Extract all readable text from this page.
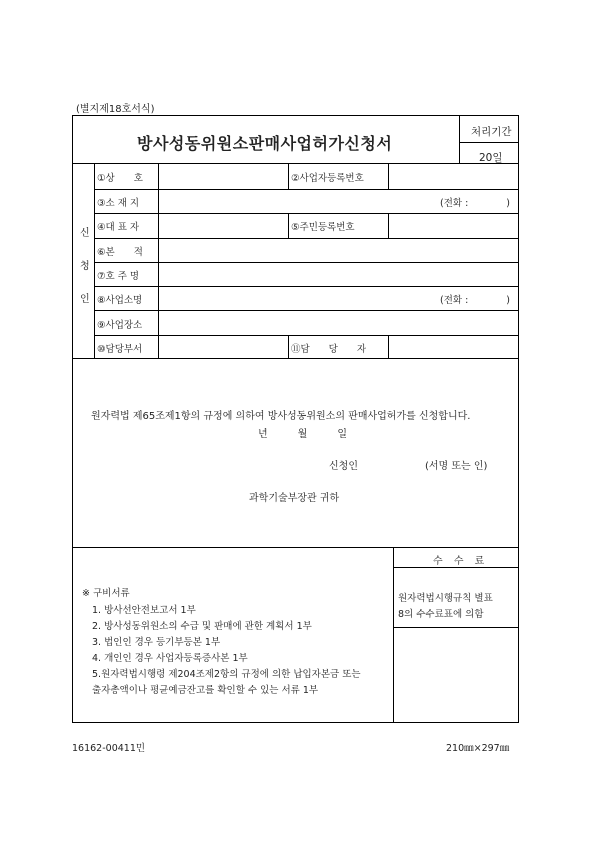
(별지제18호서식)
방사성동위원소판매사업허가신청서
처리기간
20일
신
청
인
①상　　호	②사업자등록번호
③소 재 지	(전화 :　　　　)
④대 표 자	⑤주민등록번호
⑥본　　적
⑦호 주 명
⑧사업소명	(전화 :　　　　)
⑨사업장소
⑩담당부서	⑪담　　당　　자
원자력법 제65조제1항의 규정에 의하여 방사성동위원소의 판매사업허가를 신청합니다.
년　　　월　　　일
신청인	(서명 또는 인)
과학기술부장관 귀하
※ 구비서류
1. 방사선안전보고서 1부
2. 방사성동위원소의 수급 및 판매에 관한 계획서 1부
3. 법인인 경우 등기부등본 1부
4. 개인인 경우 사업자등록증사본 1부
5.원자력법시행령 제204조제2항의 규정에 의한 납입자본금 또는
출자총액이나 평균예금잔고를 확인할 수 있는 서류 1부
수 수 료
원자력법시행규칙 별표
8의 수수료표에 의함
16162-00411민	210㎜×297㎜
